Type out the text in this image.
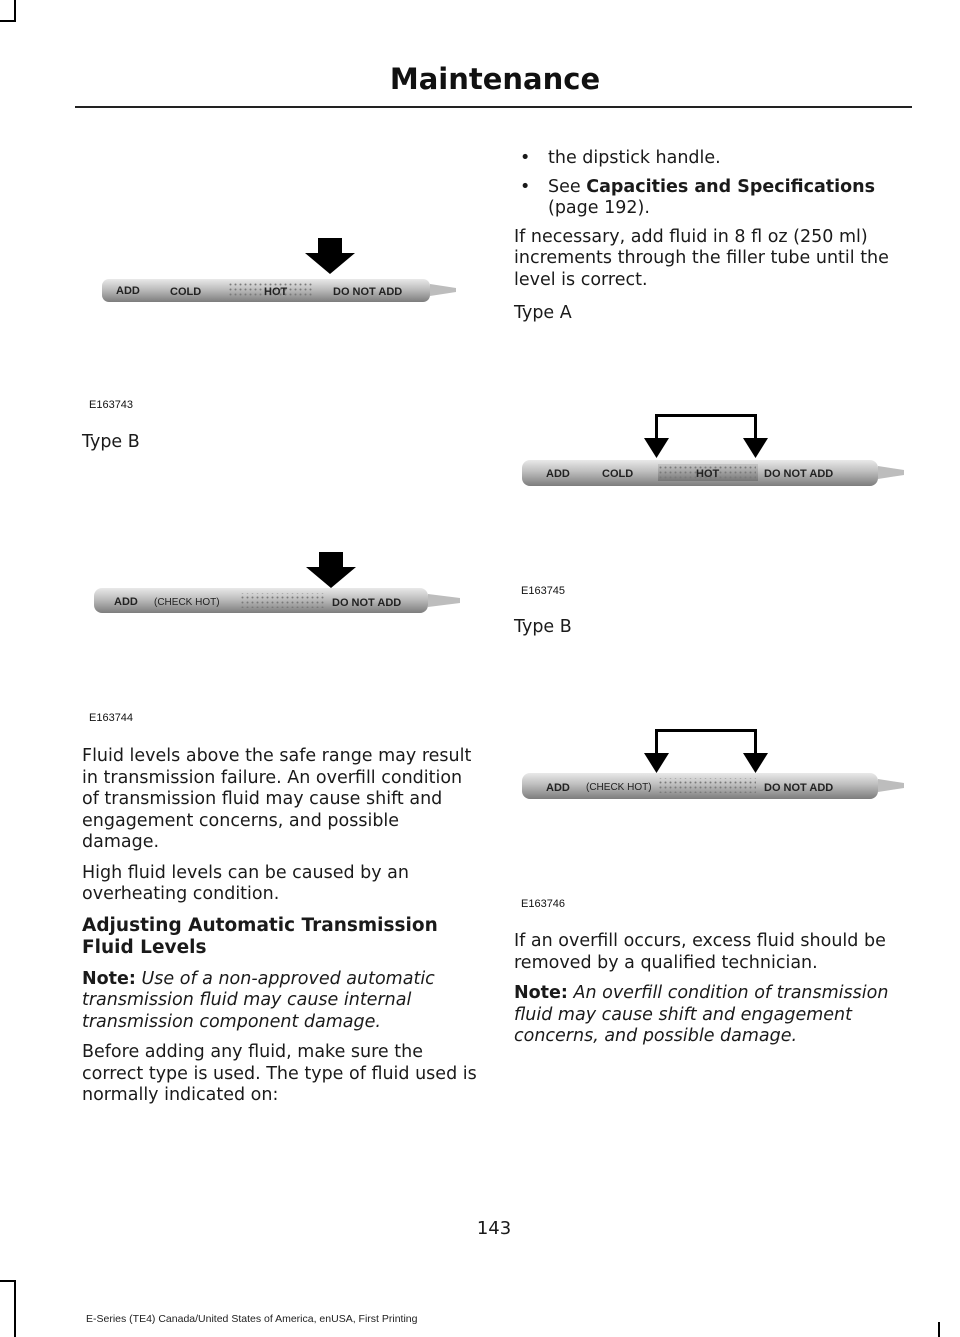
Maintenance
ADD	COLD	HOT	DO NOT ADD
E163743
Type B
ADD (CHECK HOT)	DO NOT ADD
E163744

Fluid levels above the safe range may result in transmission failure. An overfill condition of transmission fluid may cause shift and engagement concerns, and possible damage.

High fluid levels can be caused by an overheating condition.

Adjusting Automatic Transmission Fluid Levels

Note: Use of a non-approved automatic transmission fluid may cause internal transmission component damage.

Before adding any fluid, make sure the correct type is used. The type of fluid used is normally indicated on:

• the dipstick handle.
• See Capacities and Specifications (page 192).

If necessary, add fluid in 8 fl oz (250 ml) increments through the filler tube until the level is correct.

Type A
ADD	COLD	HOT	DO NOT ADD
E163745
Type B
ADD (CHECK HOT)	DO NOT ADD
E163746

If an overfill occurs, excess fluid should be removed by a qualified technician.

Note: An overfill condition of transmission fluid may cause shift and engagement concerns, and possible damage.

143
E-Series (TE4) Canada/United States of America, enUSA, First Printing
